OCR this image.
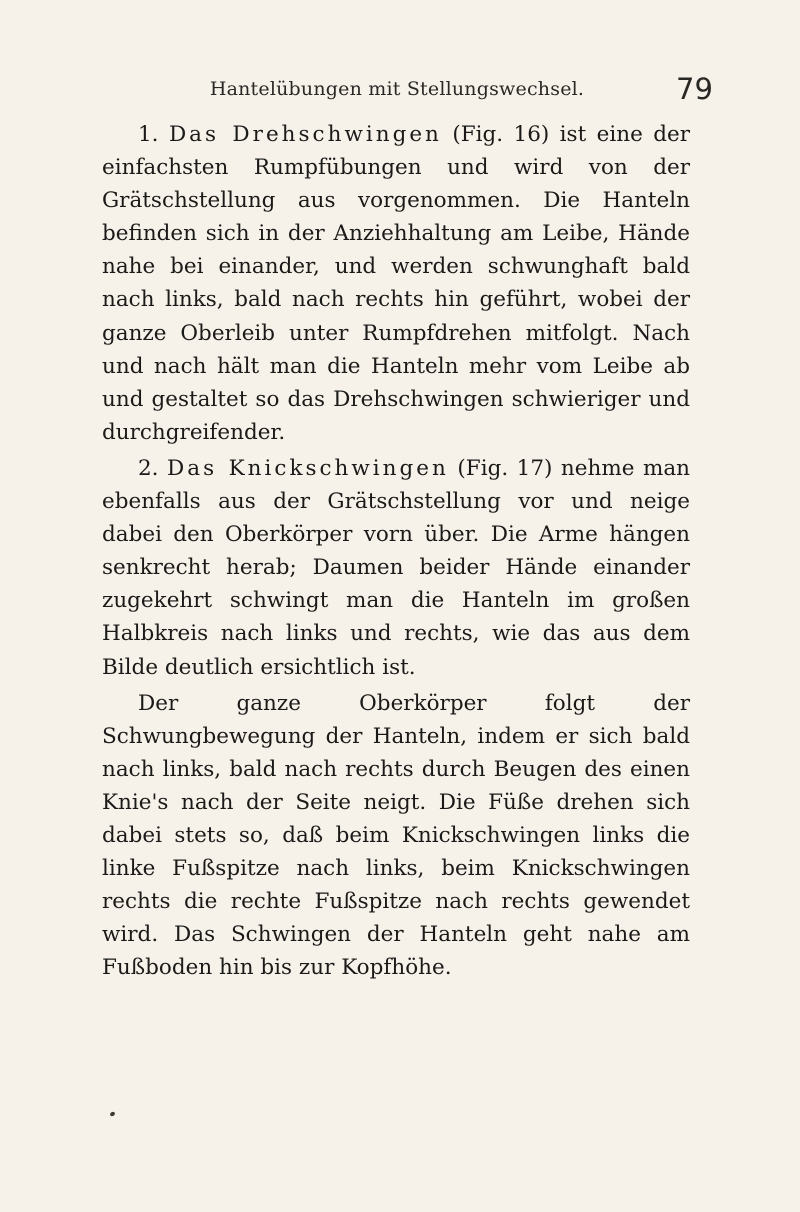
Hantelübungen mit Stellungswechsel.	79

1. Das Drehschwingen (Fig. 16) ist eine der einfachsten Rumpfübungen und wird von der Grätschstellung aus vorgenommen. Die Hanteln befinden sich in der Anziehhaltung am Leibe, Hände nahe bei einander, und werden schwunghaft bald nach links, bald nach rechts hin geführt, wobei der ganze Oberleib unter Rumpfdrehen mitfolgt. Nach und nach hält man die Hanteln mehr vom Leibe ab und gestaltet so das Drehschwingen schwieriger und durchgreifender.

2. Das Knickschwingen (Fig. 17) nehme man ebenfalls aus der Grätschstellung vor und neige dabei den Oberkörper vorn über. Die Arme hängen senkrecht herab; Daumen beider Hände einander zugekehrt schwingt man die Hanteln im großen Halbkreis nach links und rechts, wie das aus dem Bilde deutlich ersichtlich ist.

Der ganze Oberkörper folgt der Schwungbewegung der Hanteln, indem er sich bald nach links, bald nach rechts durch Beugen des einen Knie's nach der Seite neigt. Die Füße drehen sich dabei stets so, daß beim Knickschwingen links die linke Fußspitze nach links, beim Knickschwingen rechts die rechte Fußspitze nach rechts gewendet wird. Das Schwingen der Hanteln geht nahe am Fußboden hin bis zur Kopfhöhe.
